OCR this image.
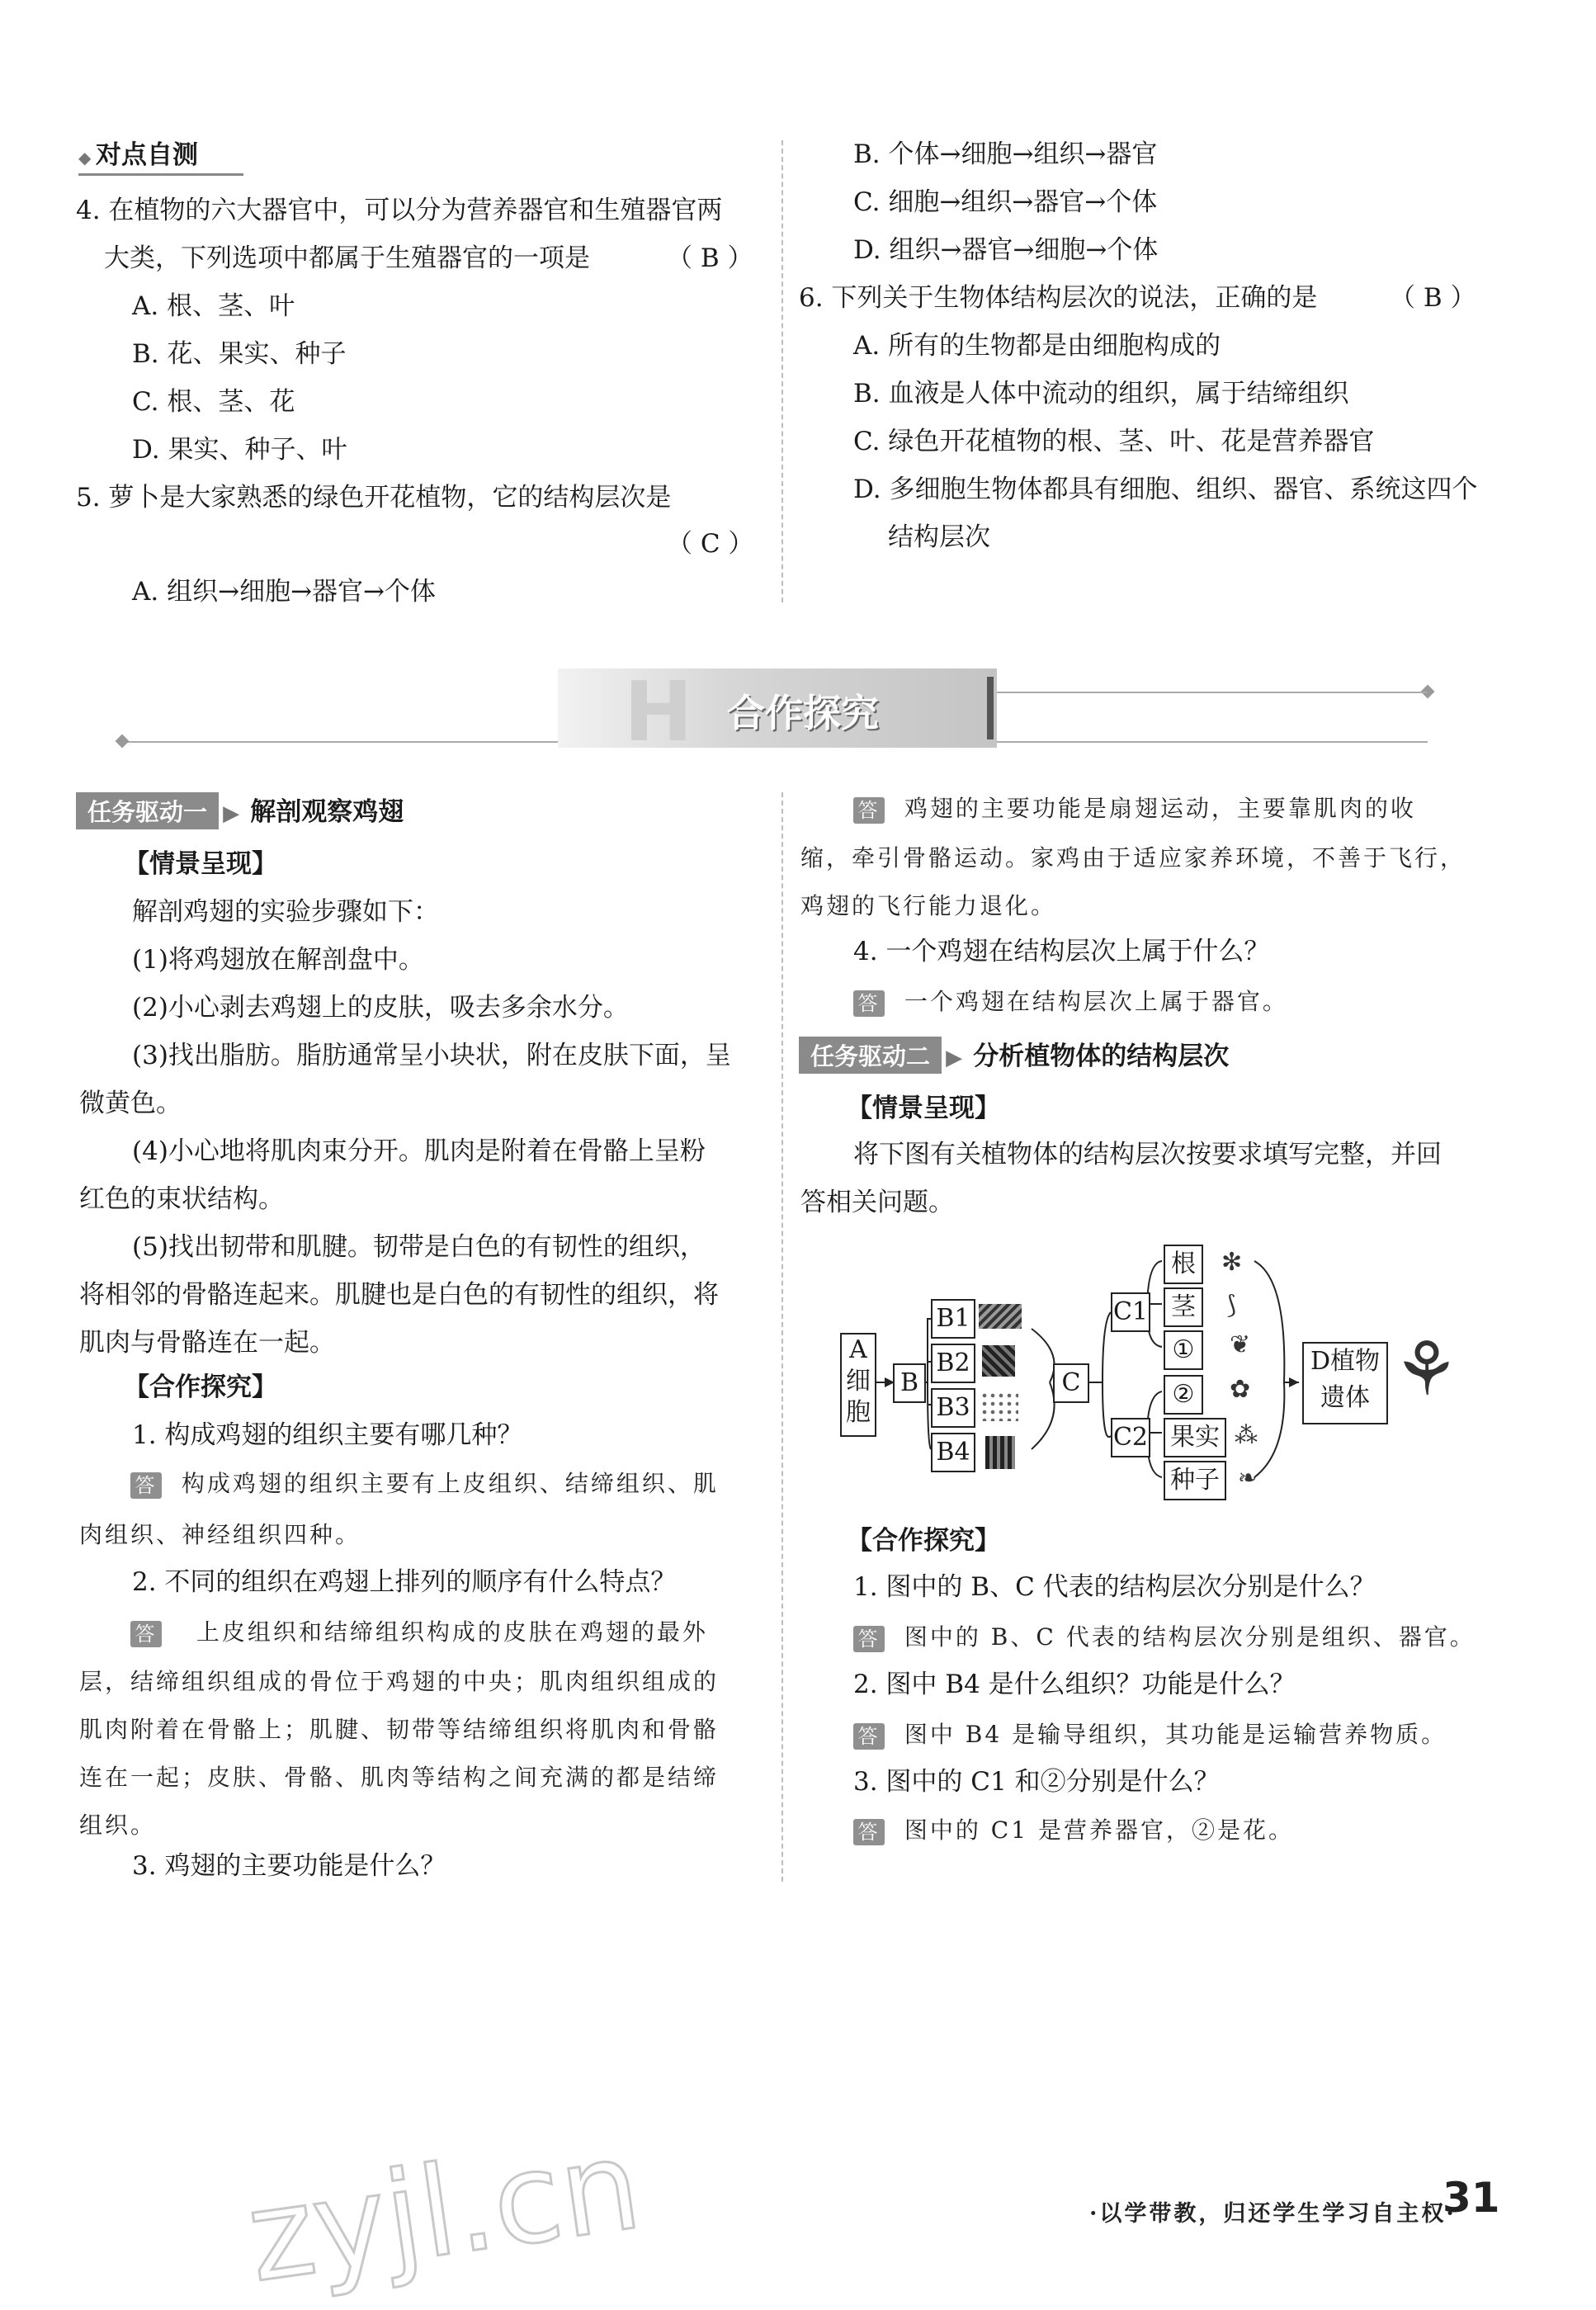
◆ 对点自测
4. 在植物的六大器官中，可以分为营养器官和生殖器官两
大类，下列选项中都属于生殖器官的一项是	（ B ）
A. 根、茎、叶
B. 花、果实、种子
C. 根、茎、花
D. 果实、种子、叶
5. 萝卜是大家熟悉的绿色开花植物，它的结构层次是
（ C ）
A. 组织→细胞→器官→个体
B. 个体→细胞→组织→器官
C. 细胞→组织→器官→个体
D. 组织→器官→细胞→个体
6. 下列关于生物体结构层次的说法，正确的是	（ B ）
A. 所有的生物都是由细胞构成的
B. 血液是人体中流动的组织，属于结缔组织
C. 绿色开花植物的根、茎、叶、花是营养器官
D. 多细胞生物体都具有细胞、组织、器官、系统这四个
结构层次
H 合作探究
任务驱动一 ▶ 解剖观察鸡翅
【情景呈现】
解剖鸡翅的实验步骤如下：
(1)将鸡翅放在解剖盘中。
(2)小心剥去鸡翅上的皮肤，吸去多余水分。
(3)找出脂肪。脂肪通常呈小块状，附在皮肤下面，呈
微黄色。
(4)小心地将肌肉束分开。肌肉是附着在骨骼上呈粉
红色的束状结构。
(5)找出韧带和肌腱。韧带是白色的有韧性的组织，
将相邻的骨骼连起来。肌腱也是白色的有韧性的组织，将
肌肉与骨骼连在一起。
【合作探究】
1. 构成鸡翅的组织主要有哪几种？
答 构成鸡翅的组织主要有上皮组织、结缔组织、肌
肉组织、神经组织四种。
2. 不同的组织在鸡翅上排列的顺序有什么特点？
答 上皮组织和结缔组织构成的皮肤在鸡翅的最外
层，结缔组织组成的骨位于鸡翅的中央；肌肉组织组成的
肌肉附着在骨骼上；肌腱、韧带等结缔组织将肌肉和骨骼
连在一起；皮肤、骨骼、肌肉等结构之间充满的都是结缔
组织。
3. 鸡翅的主要功能是什么？
答 鸡翅的主要功能是扇翅运动，主要靠肌肉的收
缩，牵引骨骼运动。家鸡由于适应家养环境，不善于飞行，
鸡翅的飞行能力退化。
4. 一个鸡翅在结构层次上属于什么？
答 一个鸡翅在结构层次上属于器官。
任务驱动二 ▶ 分析植物体的结构层次
【情景呈现】
将下图有关植物体的结构层次按要求填写完整，并回
答相关问题。
A细胞
B
B1
B2
B3
B4
C
C1
C2
根
茎
①
②
果实
种子
✻
⟆
❦
✿
⁂
❧
D植物
遗体 ⚘
【合作探究】
1. 图中的 B、C 代表的结构层次分别是什么？
答 图中的 B、C 代表的结构层次分别是组织、器官。
2. 图中 B4 是什么组织？功能是什么？
答 图中 B4 是输导组织，其功能是运输营养物质。
3. 图中的 C1 和②分别是什么？
答 图中的 C1 是营养器官，②是花。
zyjl.cn	·以学带教，归还学生学习自主权·
31
